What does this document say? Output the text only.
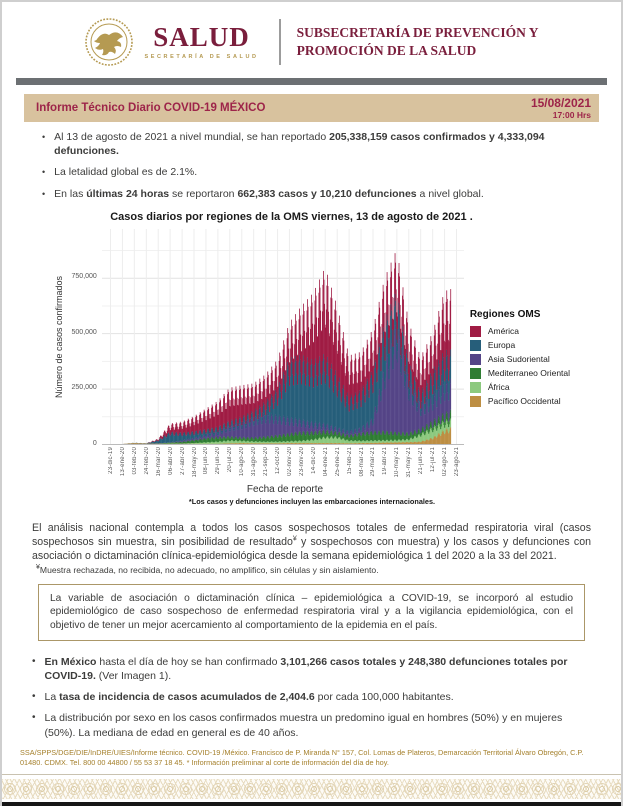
SALUD
SECRETARÍA DE SALUD
SUBSECRETARÍA DE PREVENCIÓN Y
PROMOCIÓN DE LA SALUD
Informe Técnico Diario COVID-19 MÉXICO	15/08/2021
17:00 Hrs
• Al 13 de agosto de 2021 a nivel mundial, se han reportado 205,338,159 casos confirmados y 4,333,094 defunciones.

• La letalidad global es de 2.1%.

• En las últimas 24 horas se reportaron 662,383 casos y 10,210 defunciones a nivel global.

Casos diarios por regiones de la OMS viernes, 13 de agosto de 2021 .
Número de casos confirmados
0
250,000
500,000
750,000
Regiones OMS
América
Europa
Asia Sudoriental
Mediterraneo Oriental
África
Pacífico Occidental
23-dic-19 13-ene-20 03-feb-20 24-feb-20 16-mar-20 06-abr-20 27-abr-20 18-may-20 08-jun-20 29-jun-20 20-jul-20 10-ago-20 31-ago-20 21-sep-20 12-oct-20 02-nov-20 23-nov-20 14-dic-20 04-ene-21 25-ene-21 15-feb-21 08-mar-21 29-mar-21 19-abr-21 10-may-21 31-may-21 21-jun-21 12-jul-21 02-ago-21 23-ago-21
Fecha de reporte
*Los casos y defunciones incluyen las embarcaciones internacionales.

El análisis nacional contempla a todos los casos sospechosos totales de enfermedad respiratoria viral (casos sospechosos sin muestra, sin posibilidad de resultado¥ y sospechosos con muestra) y los casos y defunciones con asociación o dictaminación clínica-epidemiológica desde la semana epidemiológica 1 del 2020 a la 33 del 2021.

¥Muestra rechazada, no recibida, no adecuado, no amplifico, sin células y sin aislamiento.
La variable de asociación o dictaminación clínica – epidemiológica a COVID-19, se incorporó al estudio epidemiológico de caso sospechoso de enfermedad respiratoria viral y a la vigilancia epidemiológica, con el objetivo de tener un mejor acercamiento al comportamiento de la epidemia en el país.
• En México hasta el día de hoy se han confirmado 3,101,266 casos totales y 248,380 defunciones totales por COVID-19. (Ver Imagen 1).

• La tasa de incidencia de casos acumulados de 2,404.6 por cada 100,000 habitantes.

• La distribución por sexo en los casos confirmados muestra un predomino igual en hombres (50%) y en mujeres (50%). La mediana de edad en general es de 40 años.

SSA/SPPS/DGE/DIE/InDRE/UIES/Informe técnico. COVID-19 /México. Francisco de P. Miranda N° 157, Col. Lomas de Plateros, Demarcación Territorial Álvaro Obregón, C.P. 01480. CDMX. Tel. 800 00 44800 / 55 53 37 18 45. * Información preliminar al corte de información del día de hoy.
